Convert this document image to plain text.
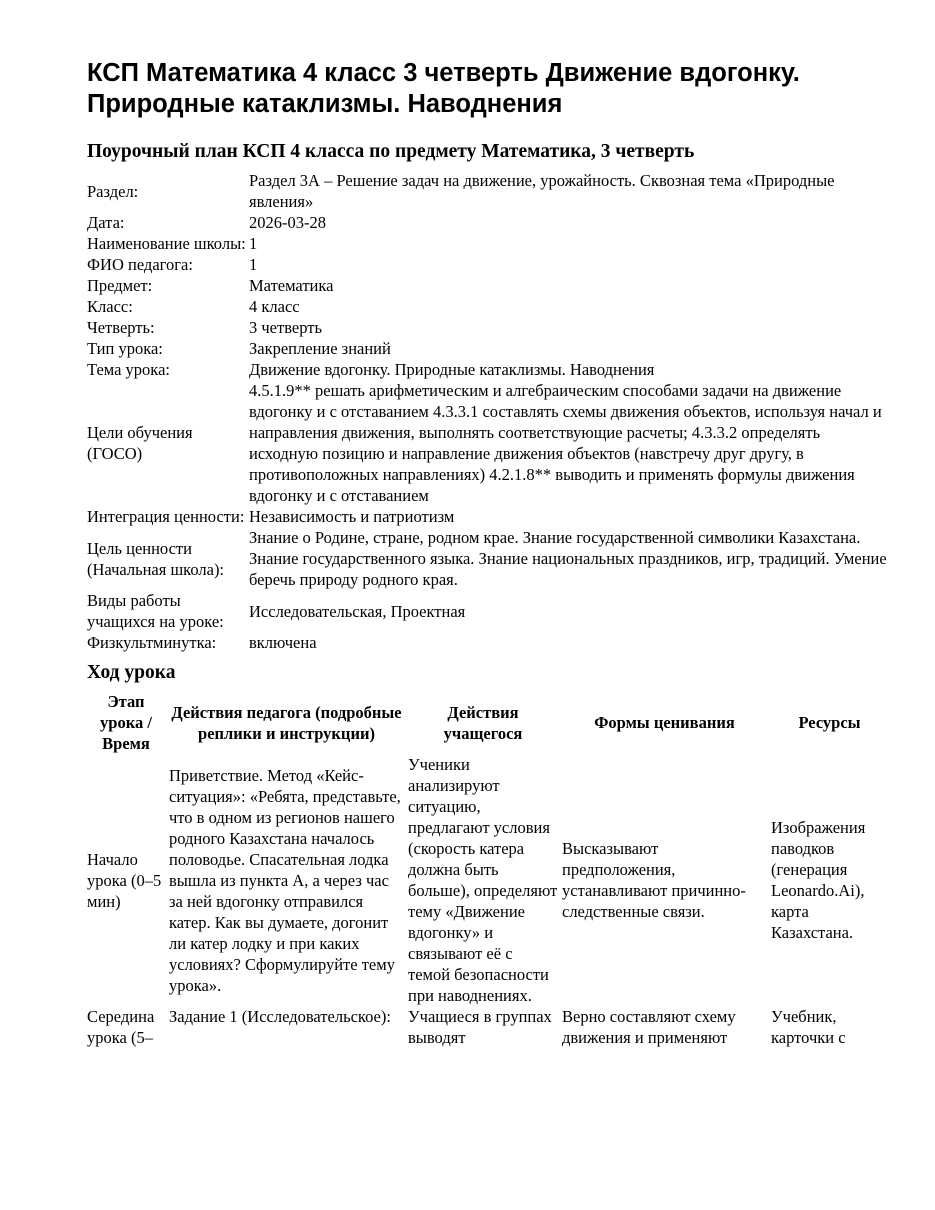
КСП Математика 4 класс 3 четверть Движение вдогонку. Природные катаклизмы. Наводнения
Поурочный план КСП 4 класса по предмету Математика, 3 четверть
Раздел:	Раздел 3А – Решение задач на движение, урожайность. Сквозная тема «Природные явления»
Дата:	2026-03-28
Наименование школы:	1
ФИО педагога:	1
Предмет:	Математика
Класс:	4 класс
Четверть:	3 четверть
Тип урока:	Закрепление знаний
Тема урока:	Движение вдогонку. Природные катаклизмы. Наводнения
Цели обучения (ГОСО)	4.5.1.9** решать арифметическим и алгебраическим способами задачи на движение вдогонку и с отставанием 4.3.3.1 составлять схемы движения объектов, используя начал и направления движения, выполнять соответствующие расчеты; 4.3.3.2 определять исходную позицию и направление движения объектов (навстречу друг другу, в противоположных направлениях) 4.2.1.8** выводить и применять формулы движения вдогонку и с отставанием
Интеграция ценности:	Независимость и патриотизм
Цель ценности (Начальная школа):	Знание о Родине, стране, родном крае. Знание государственной символики Казахстана. Знание государственного языка. Знание национальных праздников, игр, традиций. Умение беречь природу родного края.
Виды работы учащихся на уроке:	Исследовательская, Проектная
Физкультминутка:	включена
Ход урока
Этап урока / Время	Действия педагога (подробные реплики и инструкции)	Действия учащегося	Формы ценивания	Ресурсы
Начало урока (0–5 мин)	Приветствие. Метод «Кейс-ситуация»: «Ребята, представьте, что в одном из регионов нашего родного Казахстана началось половодье. Спасательная лодка вышла из пункта А, а через час за ней вдогонку отправился катер. Как вы думаете, догонит ли катер лодку и при каких условиях? Сформулируйте тему урока».	Ученики анализируют ситуацию, предлагают условия (скорость катера должна быть больше), определяют тему «Движение вдогонку» и связывают её с темой безопасности при наводнениях.	Высказывают предположения, устанавливают причинно-следственные связи.	Изображения паводков (генерация Leonardo.Ai), карта Казахстана.
Середина урока (5–	Задание 1 (Исследовательское):	Учащиеся в группах выводят	Верно составляют схему движения и применяют	Учебник, карточки с
